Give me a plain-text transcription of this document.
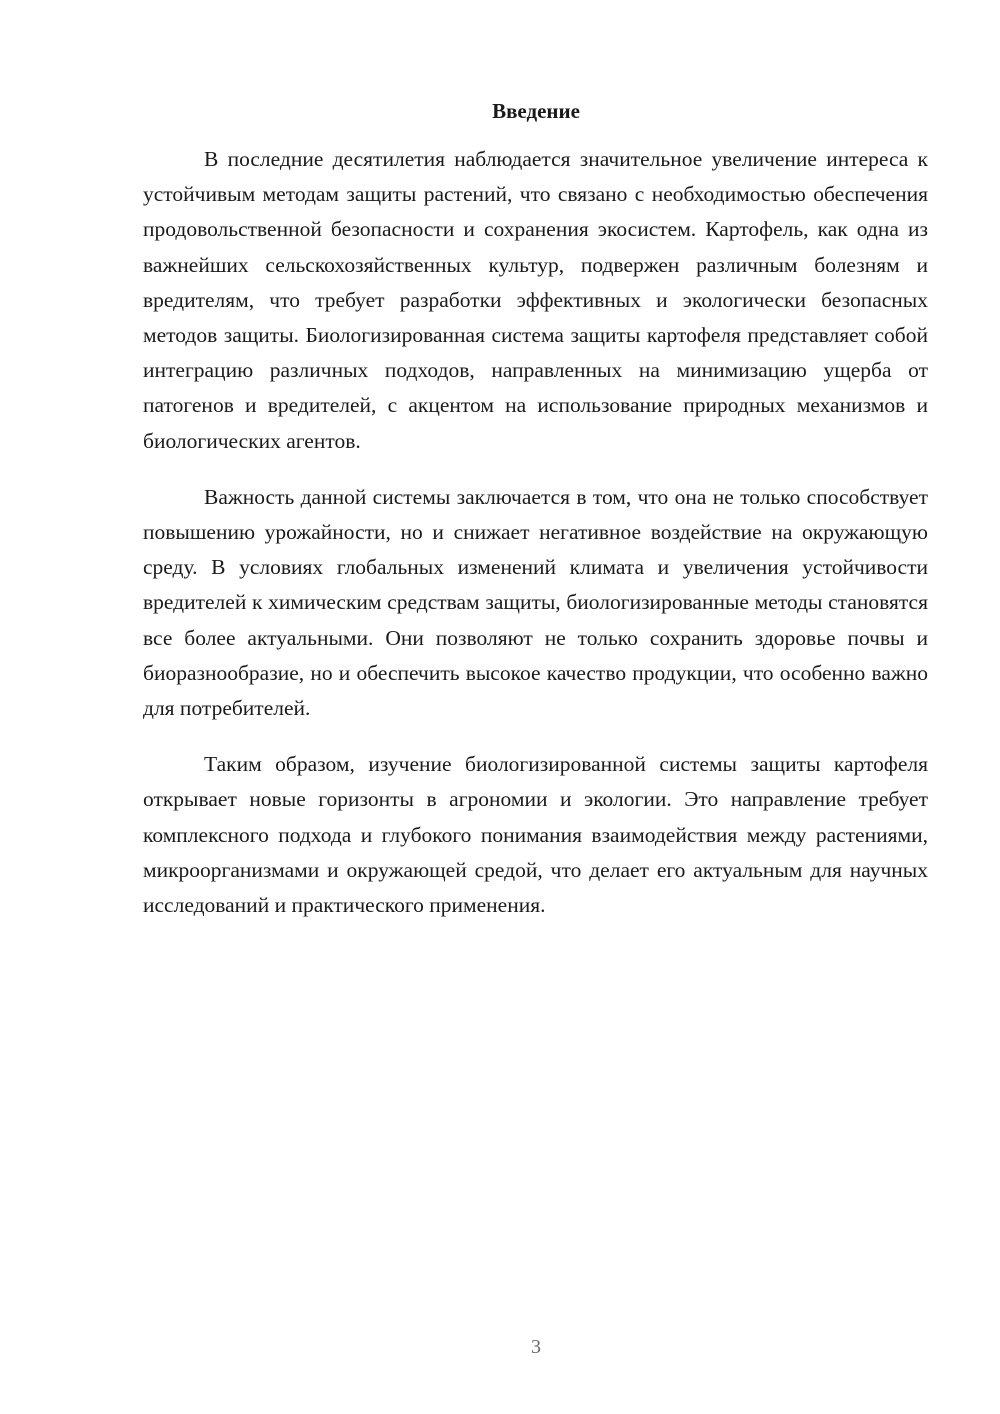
Введение

В последние десятилетия наблюдается значительное увеличение интереса к устойчивым методам защиты растений, что связано с необходимостью обеспечения продовольственной безопасности и сохранения экосистем. Картофель, как одна из важнейших сельскохозяйственных культур, подвержен различным болезням и вредителям, что требует разработки эффективных и экологически безопасных методов защиты. Биологизированная система защиты картофеля представляет собой интеграцию различных подходов, направленных на минимизацию ущерба от патогенов и вредителей, с акцентом на использование природных механизмов и биологических агентов.

Важность данной системы заключается в том, что она не только способствует повышению урожайности, но и снижает негативное воздействие на окружающую среду. В условиях глобальных изменений климата и увеличения устойчивости вредителей к химическим средствам защиты, биологизированные методы становятся все более актуальными. Они позволяют не только сохранить здоровье почвы и биоразнообразие, но и обеспечить высокое качество продукции, что особенно важно для потребителей.

Таким образом, изучение биологизированной системы защиты картофеля открывает новые горизонты в агрономии и экологии. Это направление требует комплексного подхода и глубокого понимания взаимодействия между растениями, микроорганизмами и окружающей средой, что делает его актуальным для научных исследований и практического применения.

3
